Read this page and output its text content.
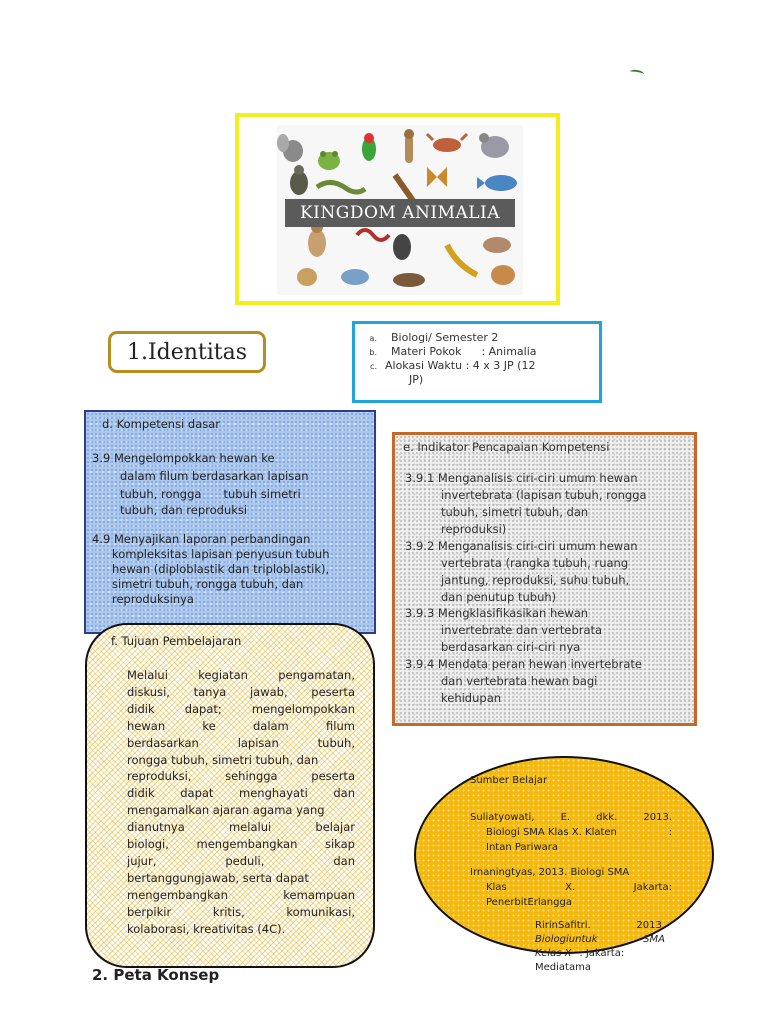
KINGDOM ANIMALIA
1.Identitas
a. Biologi/ Semester 2
b. Materi Pokok : Animalia
c. Alokasi Waktu : 4 x 3 JP (12
JP)
d. Kompetensi dasar
3.9 Mengelompokkan hewan ke
dalam filum berdasarkan lapisan
tubuh, rongga tubuh simetri
tubuh, dan reproduksi
4.9 Menyajikan laporan perbandingan
kompleksitas lapisan penyusun tubuh
hewan (diploblastik dan triploblastik),
simetri tubuh, rongga tubuh, dan
reproduksinya
e. Indikator Pencapaian Kompetensi
3.9.1 Menganalisis ciri-ciri umum hewan
invertebrata (lapisan tubuh, rongga
tubuh, simetri tubuh, dan
reproduksi)
3.9.2 Menganalisis ciri-ciri umum hewan
vertebrata (rangka tubuh, ruang
jantung, reproduksi, suhu tubuh,
dan penutup tubuh)
3.9.3 Mengklasifikasikan hewan
invertebrate dan vertebrata
berdasarkan ciri-ciri nya
3.9.4 Mendata peran hewan invertebrate
dan vertebrata hewan bagi
kehidupan
f. Tujuan Pembelajaran
Melalui	kegiatan	pengamatan,
diskusi, tanya jawab, peserta
didik	dapat;	mengelompokkan
hewan	ke	dalam	filum
berdasarkan	lapisan	tubuh,
rongga tubuh, simetri tubuh, dan
reproduksi,	sehingga	peserta
didik dapat menghayati dan
mengamalkan ajaran agama yang
dianutnya	melalui	belajar
biologi, mengembangkan sikap
jujur,	peduli,	dan
bertanggungjawab, serta dapat
mengembangkan	kemampuan
berpikir	kritis,	komunikasi,
kolaborasi, kreativitas (4C).
Sumber Belajar
Suliatyowati,	E.	dkk.	2013.
Biologi SMA Klas X. Klaten	:
Intan Pariwara
Irnaningtyas, 2013. Biologi SMA
Klas	X.	Jakarta:
PenerbitErlangga
RirinSafitri.	2013.
Biologiuntuk	SMA
Kelas X . Jakarta:
Mediatama
2. Peta Konsep
